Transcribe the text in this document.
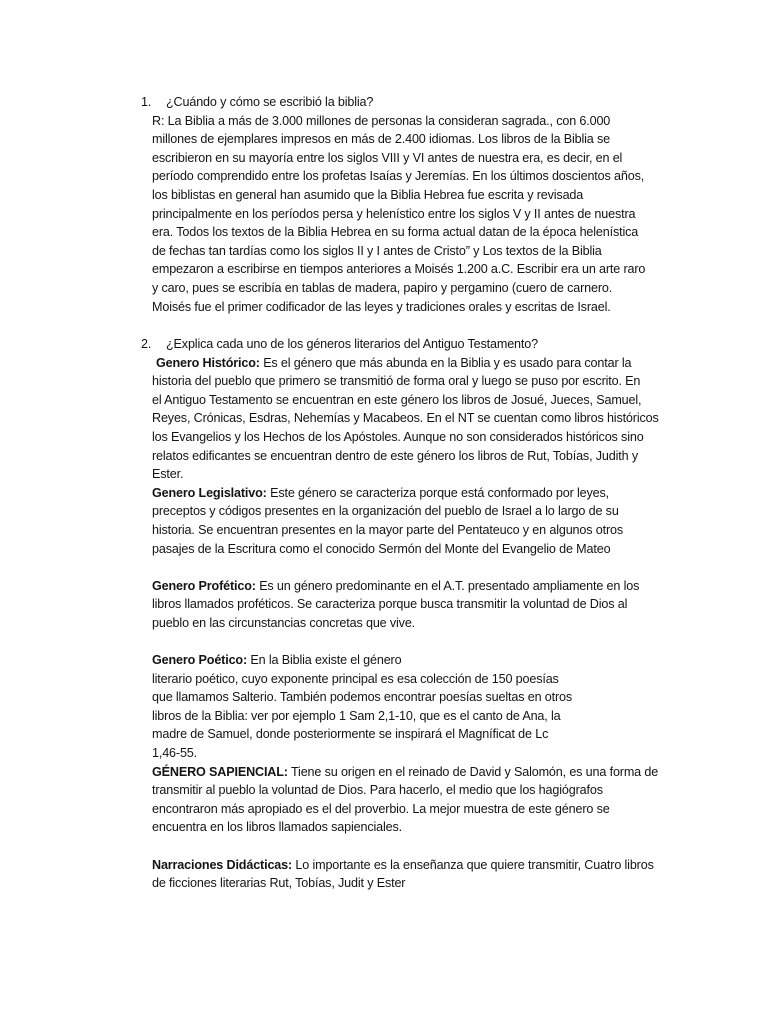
1. ¿Cuándo y cómo se escribió la biblia?
R: La Biblia a más de 3.000 millones de personas la consideran sagrada., con 6.000
millones de ejemplares impresos en más de 2.400 idiomas. Los libros de la Biblia se
escribieron en su mayoría entre los siglos VIII y VI antes de nuestra era, es decir, en el
período comprendido entre los profetas Isaías y Jeremías. En los últimos doscientos años,
los biblistas en general han asumido que la Biblia Hebrea fue escrita y revisada
principalmente en los períodos persa y helenístico entre los siglos V y II antes de nuestra
era. Todos los textos de la Biblia Hebrea en su forma actual datan de la época helenística
de fechas tan tardías como los siglos II y I antes de Cristo” y Los textos de la Biblia
empezaron a escribirse en tiempos anteriores a Moisés 1.200 a.C. Escribir era un arte raro
y caro, pues se escribía en tablas de madera, papiro y pergamino (cuero de carnero.
Moisés fue el primer codificador de las leyes y tradiciones orales y escritas de Israel.
2. ¿Explica cada uno de los géneros literarios del Antiguo Testamento?
Genero Histórico: Es el género que más abunda en la Biblia y es usado para contar la
historia del pueblo que primero se transmitió de forma oral y luego se puso por escrito. En
el Antiguo Testamento se encuentran en este género los libros de Josué, Jueces, Samuel,
Reyes, Crónicas, Esdras, Nehemías y Macabeos. En el NT se cuentan como libros históricos
los Evangelios y los Hechos de los Apóstoles. Aunque no son considerados históricos sino
relatos edificantes se encuentran dentro de este género los libros de Rut, Tobías, Judith y
Ester.
Genero Legislativo: Este género se caracteriza porque está conformado por leyes,
preceptos y códigos presentes en la organización del pueblo de Israel a lo largo de su
historia. Se encuentran presentes en la mayor parte del Pentateuco y en algunos otros
pasajes de la Escritura como el conocido Sermón del Monte del Evangelio de Mateo
Genero Profético: Es un género predominante en el A.T. presentado ampliamente en los
libros llamados proféticos. Se caracteriza porque busca transmitir la voluntad de Dios al
pueblo en las circunstancias concretas que vive.
Genero Poético: En la Biblia existe el género
literario poético, cuyo exponente principal es esa colección de 150 poesías
que llamamos Salterio. También podemos encontrar poesías sueltas en otros
libros de la Biblia: ver por ejemplo 1 Sam 2,1-10, que es el canto de Ana, la
madre de Samuel, donde posteriormente se inspirará el Magníficat de Lc
1,46-55.
GÉNERO SAPIENCIAL: Tiene su origen en el reinado de David y Salomón, es una forma de
transmitir al pueblo la voluntad de Dios. Para hacerlo, el medio que los hagiógrafos
encontraron más apropiado es el del proverbio. La mejor muestra de este género se
encuentra en los libros llamados sapienciales.
Narraciones Didácticas: Lo importante es la enseñanza que quiere transmitir, Cuatro libros
de ficciones literarias Rut, Tobías, Judit y Ester
